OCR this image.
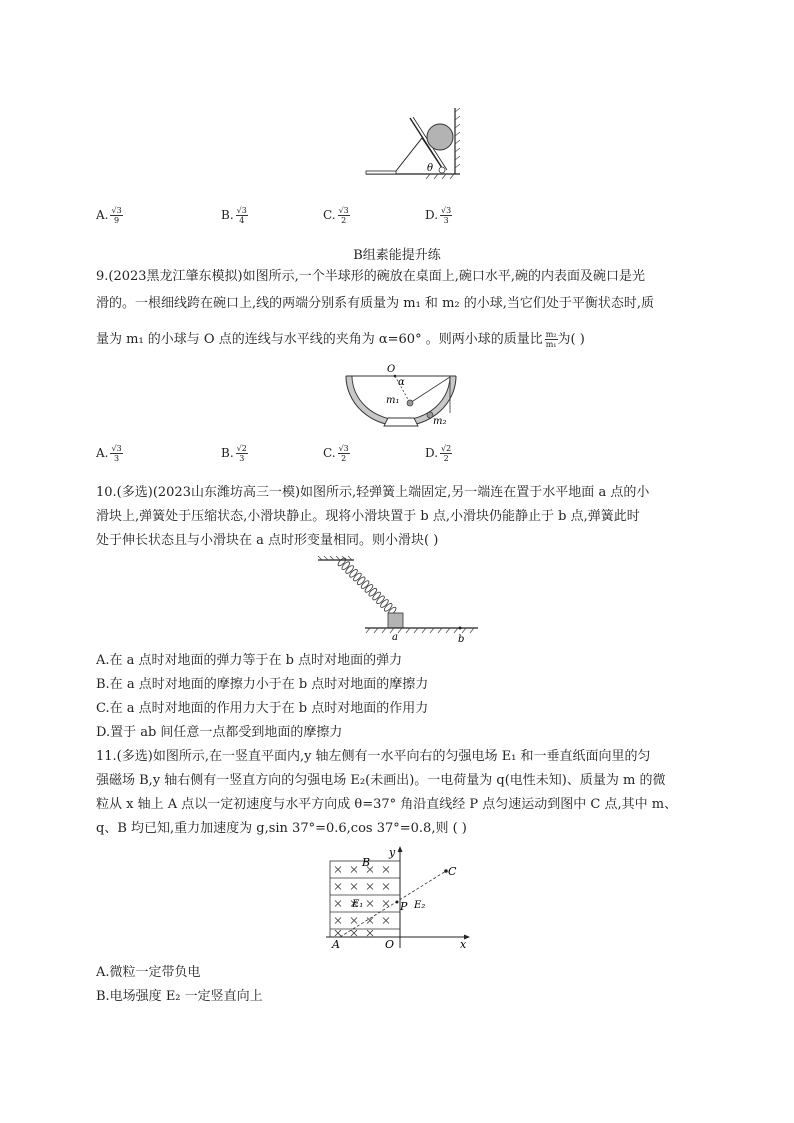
θ
A. $\frac{√3}{9}$	B. $\frac{√3}{4}$	C. $\frac{√3}{2}$	D. $\frac{√3}{3}$
B组素能提升练
9.(2023黑龙江肇东模拟)如图所示,一个半球形的碗放在桌面上,碗口水平,碗的内表面及碗口是光
滑的。一根细线跨在碗口上,线的两端分别系有质量为 m₁ 和 m₂ 的小球,当它们处于平衡状态时,质
量为 m₁ 的小球与 O 点的连线与水平线的夹角为 α=60° 。则两小球的质量比 $\frac{\text{m₂}}{\text{m₁}}$ 为( )
O
α
m₁
m₂
A. $\frac{√3}{3}$	B. $\frac{√2}{3}$	C. $\frac{√3}{2}$	D. $\frac{√2}{2}$
10.(多选)(2023山东潍坊高三一模)如图所示,轻弹簧上端固定,另一端连在置于水平地面 a 点的小
滑块上,弹簧处于压缩状态,小滑块静止。现将小滑块置于 b 点,小滑块仍能静止于 b 点,弹簧此时
处于伸长状态且与小滑块在 a 点时形变量相同。则小滑块( )
a	b
A.在 a 点时对地面的弹力等于在 b 点时对地面的弹力
B.在 a 点时对地面的摩擦力小于在 b 点时对地面的摩擦力
C.在 a 点时对地面的作用力大于在 b 点时对地面的作用力
D.置于 ab 间任意一点都受到地面的摩擦力
11.(多选)如图所示,在一竖直平面内,y 轴左侧有一水平向右的匀强电场 E₁ 和一垂直纸面向里的匀
强磁场 B,y 轴右侧有一竖直方向的匀强电场 E₂(未画出)。一电荷量为 q(电性未知)、质量为 m 的微
粒从 x 轴上 A 点以一定初速度与水平方向成 θ=37° 角沿直线经 P 点匀速运动到图中 C 点,其中 m、
q、B 均已知,重力加速度为 g,sin 37°=0.6,cos 37°=0.8,则 ( )
B
y
C
E₁	P E₂
A	O	x
A.微粒一定带负电
B.电场强度 E₂ 一定竖直向上
